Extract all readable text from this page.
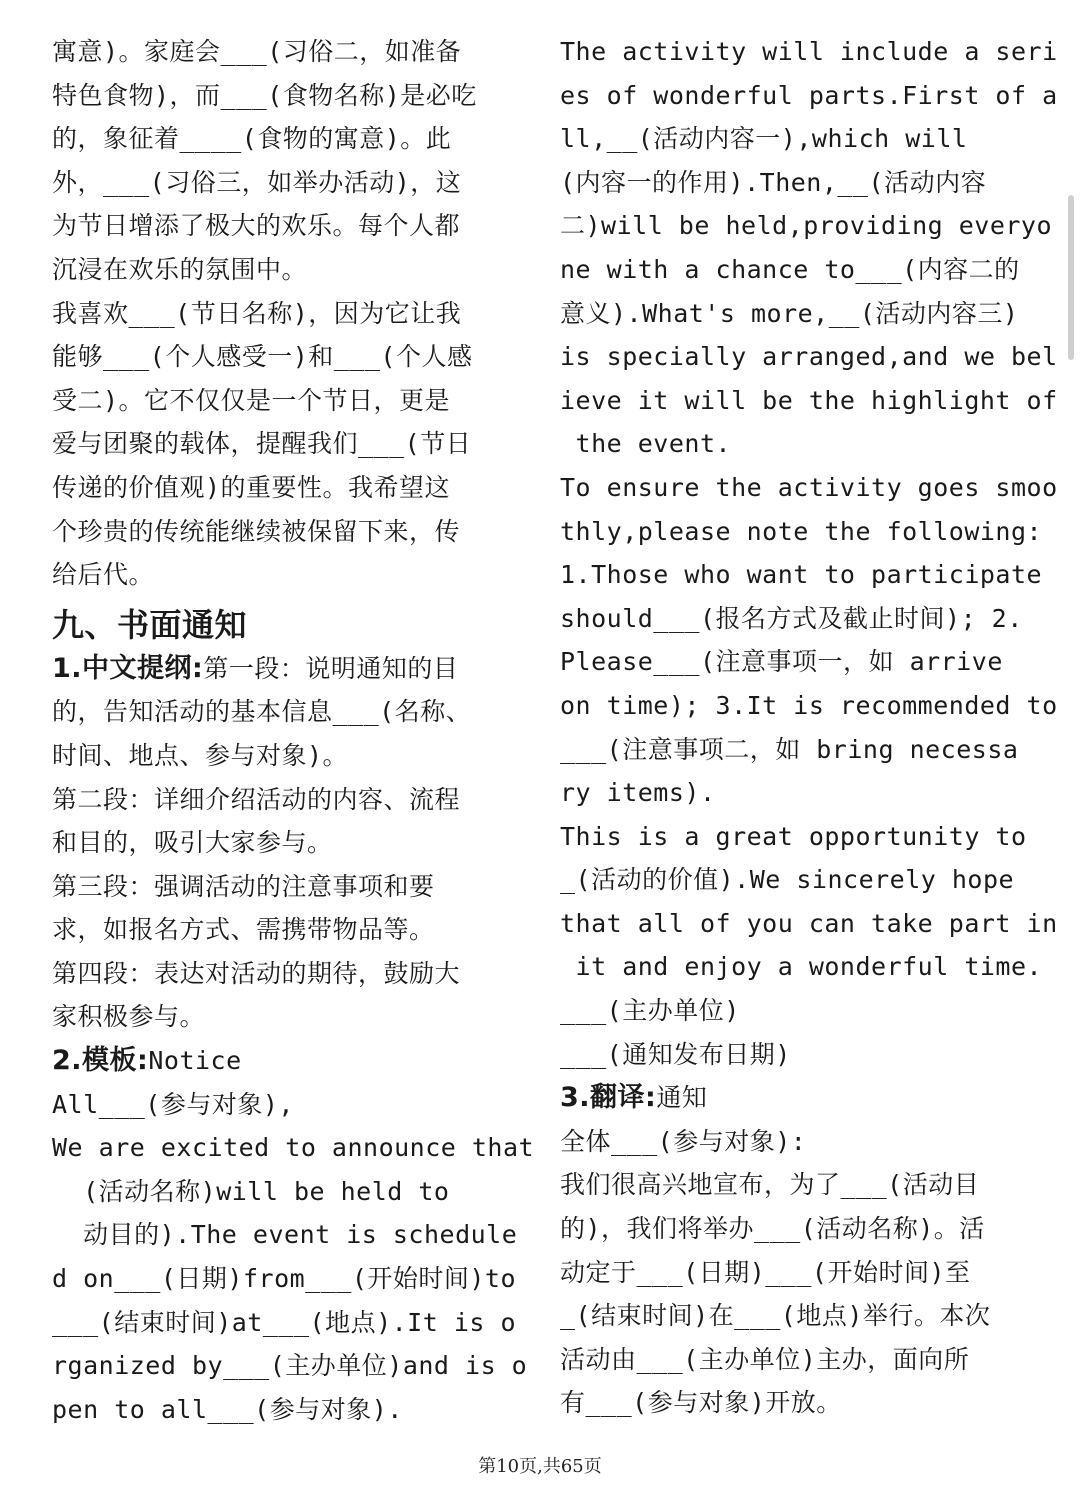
寓意)。家庭会___(习俗二，如准备
特色食物)，而___(食物名称)是必吃
的，象征着____(食物的寓意)。此
外，___(习俗三，如举办活动)，这
为节日增添了极大的欢乐。每个人都
沉浸在欢乐的氛围中。
我喜欢___(节日名称)，因为它让我
能够___(个人感受一)和___(个人感
受二)。它不仅仅是一个节日，更是
爱与团聚的载体，提醒我们___(节日
传递的价值观)的重要性。我希望这
个珍贵的传统能继续被保留下来，传
给后代。
九、书面通知
1.中文提纲:第一段：说明通知的目
的，告知活动的基本信息___(名称、
时间、地点、参与对象)。
第二段：详细介绍活动的内容、流程
和目的，吸引大家参与。
第三段：强调活动的注意事项和要
求，如报名方式、需携带物品等。
第四段：表达对活动的期待，鼓励大
家积极参与。
2.模板:Notice
All___(参与对象),
We are excited to announce that
(活动名称)will be held to
动目的).The event is schedule
d on___(日期)from___(开始时间)to
___(结束时间)at___(地点).It is o
rganized by___(主办单位)and is o
pen to all___(参与对象).
The activity will include a seri
es of wonderful parts.First of a
ll,__(活动内容一),which will
(内容一的作用).Then,__(活动内容
二)will be held,providing everyo
ne with a chance to___(内容二的
意义).What's more,__(活动内容三)
is specially arranged,and we bel
ieve it will be the highlight of
the event.
To ensure the activity goes smoo
thly,please note the following:
1.Those who want to participate
should___(报名方式及截止时间); 2.
Please___(注意事项一，如 arrive
on time); 3.It is recommended to
___(注意事项二，如 bring necessa
ry items).
This is a great opportunity to
_(活动的价值).We sincerely hope
that all of you can take part in
it and enjoy a wonderful time.
___(主办单位)
___(通知发布日期)
3.翻译:通知
全体___(参与对象):
我们很高兴地宣布，为了___(活动目
的)，我们将举办___(活动名称)。活
动定于___(日期)___(开始时间)至
_(结束时间)在___(地点)举行。本次
活动由___(主办单位)主办，面向所
有___(参与对象)开放。
第10页,共65页
